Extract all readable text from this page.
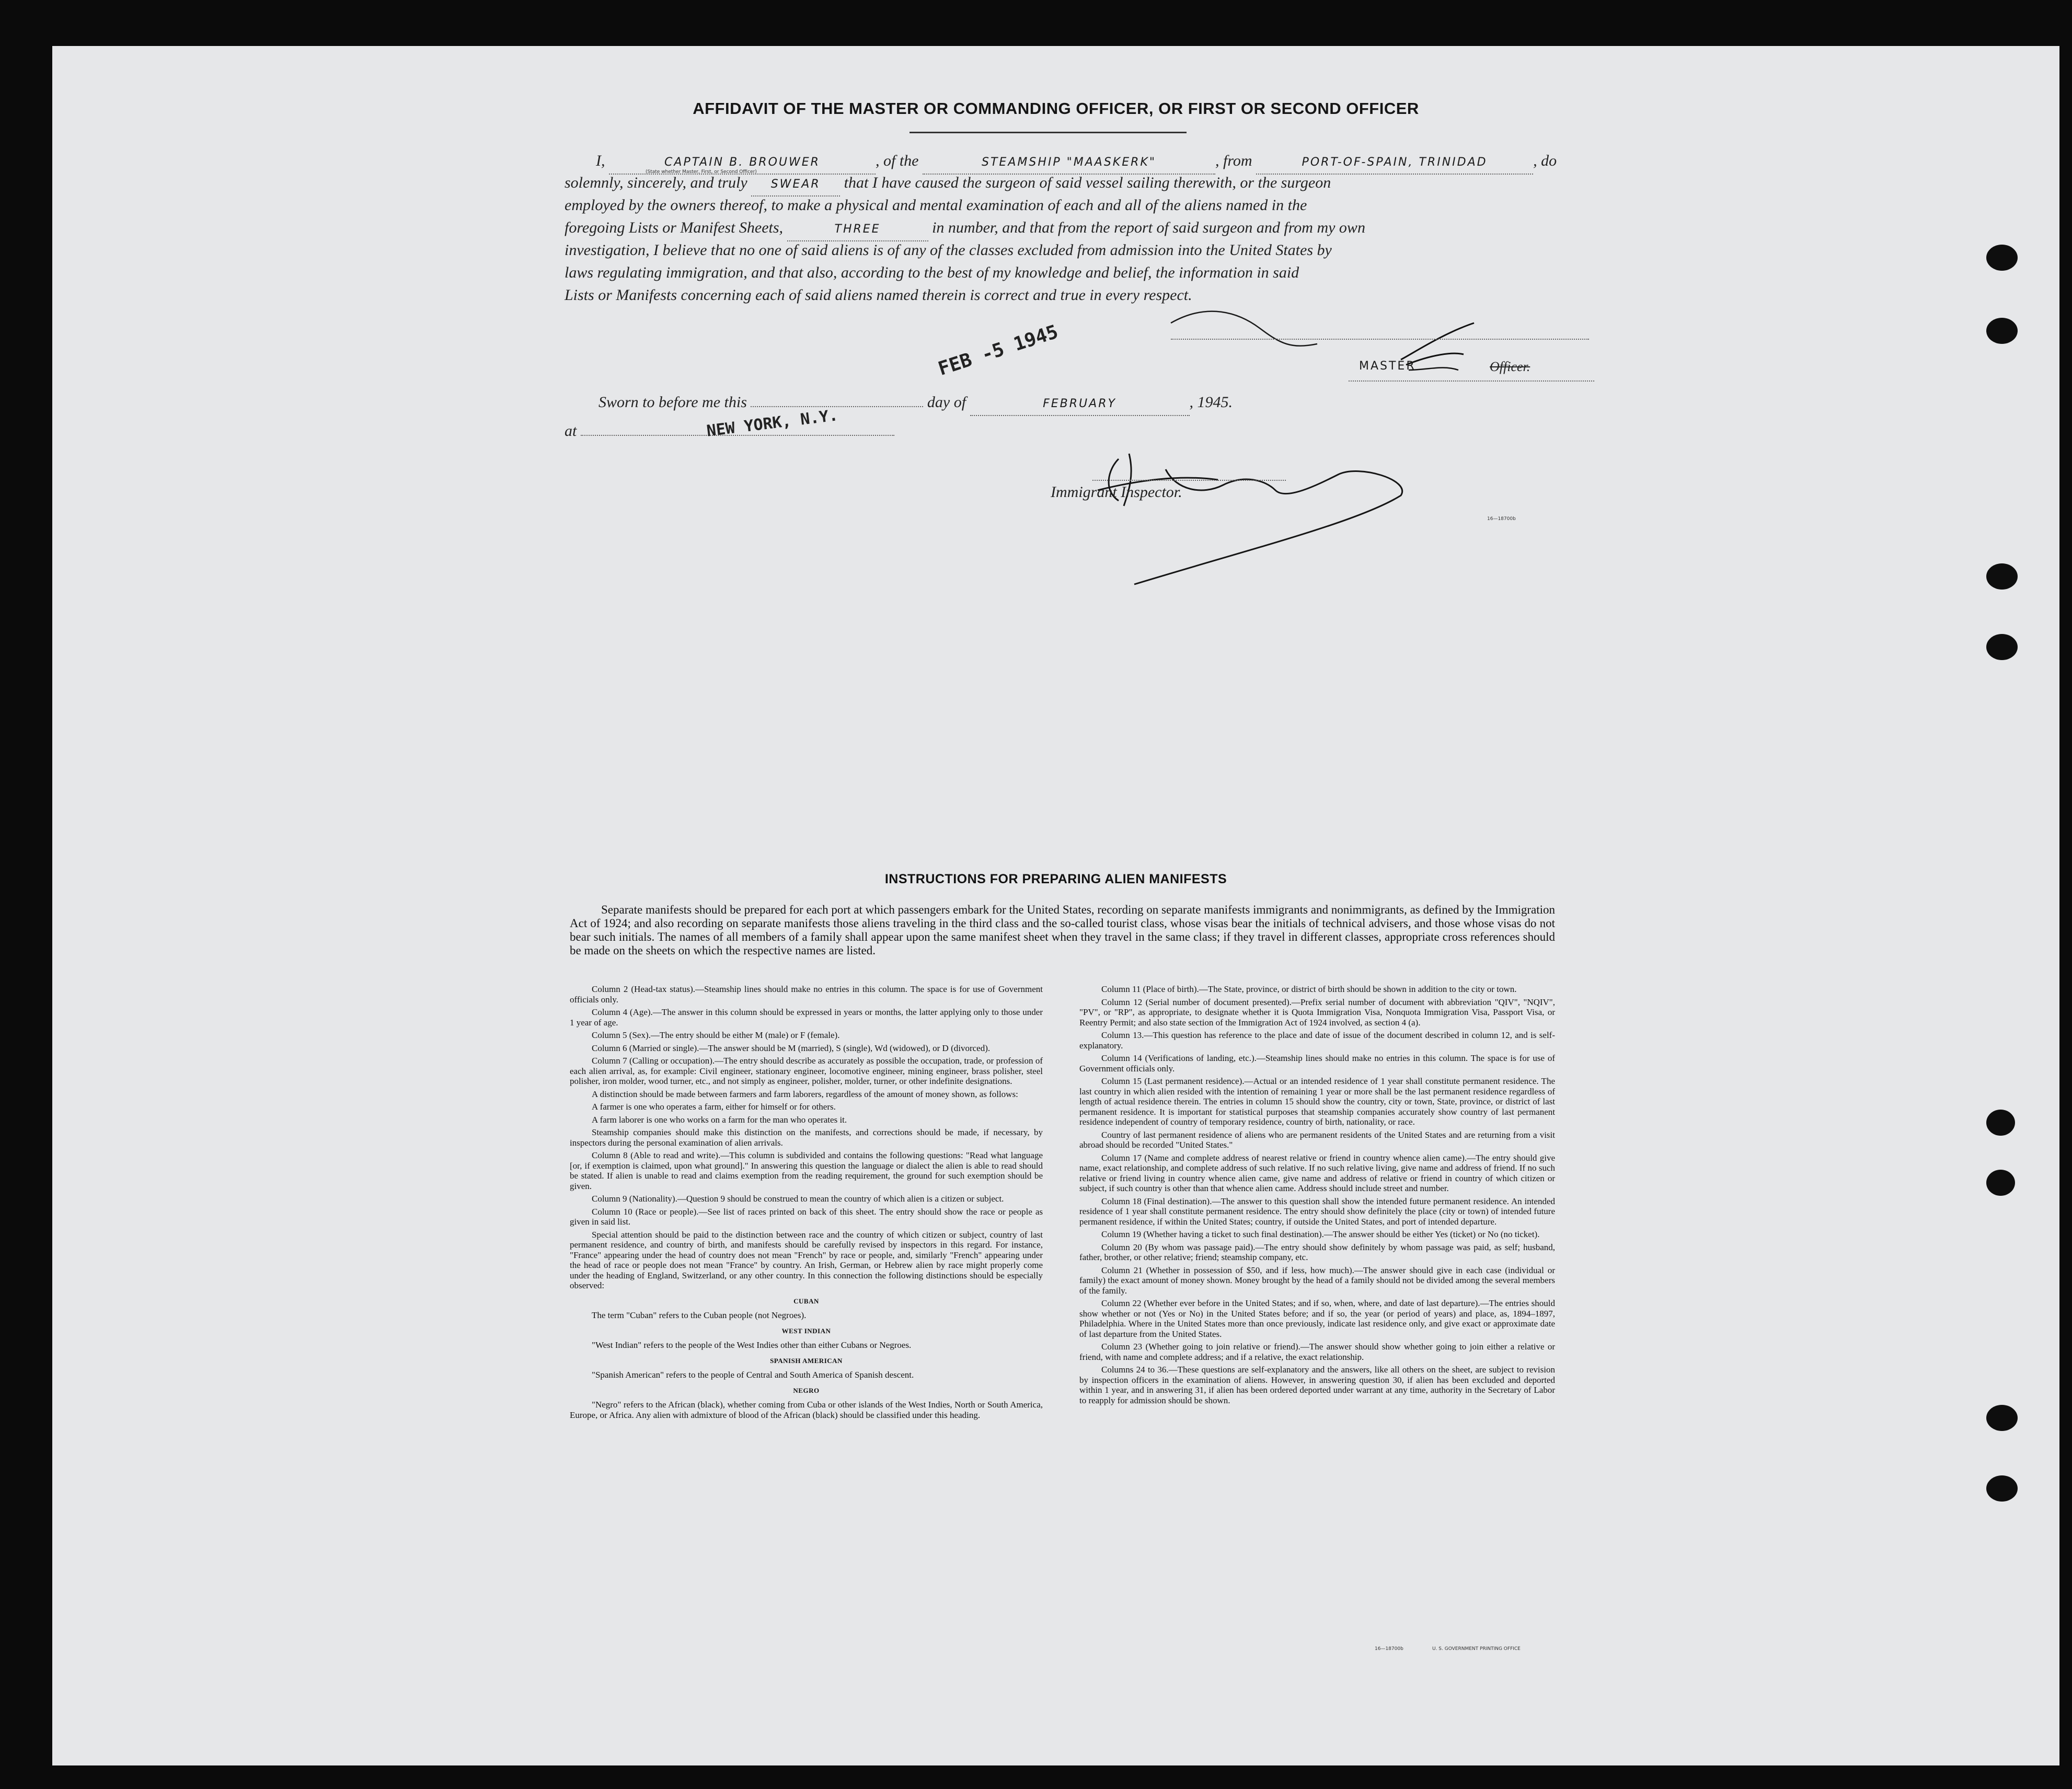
AFFIDAVIT OF THE MASTER OR COMMANDING OFFICER, OR FIRST OR SECOND OFFICER
I,	CAPTAIN B. BROUWER	, of the	STEAMSHIP "MAASKERK"	, from	PORT-OF-SPAIN, TRINIDAD	, do
(State whether Master, First, or Second Officer)
solemnly, sincerely, and truly SWEAR that I have caused the surgeon of said vessel sailing therewith, or the surgeon
employed by the owners thereof, to make a physical and mental examination of each and all of the aliens named in the
foregoing Lists or Manifest Sheets,	THREE	in number, and that from the report of said surgeon and from my own
investigation, I believe that no one of said aliens is of any of the classes excluded from admission into the United States by
laws regulating immigration, and that also, according to the best of my knowledge and belief, the information in said
Lists or Manifests concerning each of said aliens named therein is correct and true in every respect.
MASTER	Officer.
Sworn to before me this	day of	FEBRUARY	, 1945.
FEB -5 1945
at	NEW YORK, N.Y.
Immigrant Inspector.
16—18700b

INSTRUCTIONS FOR PREPARING ALIEN MANIFESTS
Separate manifests should be prepared for each port at which passengers embark for the United States, recording on separate manifests immigrants and nonimmigrants, as defined by the Immigration Act of 1924; and also recording on separate manifests those aliens traveling in the third class and the so-called tourist class, whose visas bear the initials of technical advisers, and those whose visas do not bear such initials. The names of all members of a family shall appear upon the same manifest sheet when they travel in the same class; if they travel in different classes, appropriate cross references should be made on the sheets on which the respective names are listed.

Column 2 (Head-tax status).—Steamship lines should make no entries in this column. The space is for use of Government officials only.

Column 4 (Age).—The answer in this column should be expressed in years or months, the latter applying only to those under 1 year of age.

Column 5 (Sex).—The entry should be either M (male) or F (female).

Column 6 (Married or single).—The answer should be M (married), S (single), Wd (widowed), or D (divorced).

Column 7 (Calling or occupation).—The entry should describe as accurately as possible the occupation, trade, or profession of each alien arrival, as, for example: Civil engineer, stationary engineer, locomotive engineer, mining engineer, brass polisher, steel polisher, iron molder, wood turner, etc., and not simply as engineer, polisher, molder, turner, or other indefinite designations.

A distinction should be made between farmers and farm laborers, regardless of the amount of money shown, as follows:

A farmer is one who operates a farm, either for himself or for others.

A farm laborer is one who works on a farm for the man who operates it.

Steamship companies should make this distinction on the manifests, and corrections should be made, if necessary, by inspectors during the personal examination of alien arrivals.

Column 8 (Able to read and write).—This column is subdivided and contains the following questions: "Read what language [or, if exemption is claimed, upon what ground]." In answering this question the language or dialect the alien is able to read should be stated. If alien is unable to read and claims exemption from the reading requirement, the ground for such exemption should be given.

Column 9 (Nationality).—Question 9 should be construed to mean the country of which alien is a citizen or subject.

Column 10 (Race or people).—See list of races printed on back of this sheet. The entry should show the race or people as given in said list.

Special attention should be paid to the distinction between race and the country of which citizen or subject, country of last permanent residence, and country of birth, and manifests should be carefully revised by inspectors in this regard. For instance, "France" appearing under the head of country does not mean "French" by race or people, and, similarly "French" appearing under the head of race or people does not mean "France" by country. An Irish, German, or Hebrew alien by race might properly come under the heading of England, Switzerland, or any other country. In this connection the following distinctions should be especially observed:

CUBAN

The term "Cuban" refers to the Cuban people (not Negroes).

WEST INDIAN

"West Indian" refers to the people of the West Indies other than either Cubans or Negroes.

SPANISH AMERICAN

"Spanish American" refers to the people of Central and South America of Spanish descent.

NEGRO

"Negro" refers to the African (black), whether coming from Cuba or other islands of the West Indies, North or South America, Europe, or Africa. Any alien with admixture of blood of the African (black) should be classified under this heading.

Column 11 (Place of birth).—The State, province, or district of birth should be shown in addition to the city or town.

Column 12 (Serial number of document presented).—Prefix serial number of document with abbreviation "QIV", "NQIV", "PV", or "RP", as appropriate, to designate whether it is Quota Immigration Visa, Nonquota Immigration Visa, Passport Visa, or Reentry Permit; and also state section of the Immigration Act of 1924 involved, as section 4 (a).

Column 13.—This question has reference to the place and date of issue of the document described in column 12, and is self-explanatory.

Column 14 (Verifications of landing, etc.).—Steamship lines should make no entries in this column. The space is for use of Government officials only.

Column 15 (Last permanent residence).—Actual or an intended residence of 1 year shall constitute permanent residence. The last country in which alien resided with the intention of remaining 1 year or more shall be the last permanent residence regardless of length of actual residence therein. The entries in column 15 should show the country, city or town, State, province, or district of last permanent residence. It is important for statistical purposes that steamship companies accurately show country of last permanent residence independent of country of temporary residence, country of birth, nationality, or race.

Country of last permanent residence of aliens who are permanent residents of the United States and are returning from a visit abroad should be recorded "United States."

Column 17 (Name and complete address of nearest relative or friend in country whence alien came).—The entry should give name, exact relationship, and complete address of such relative. If no such relative living, give name and address of friend. If no such relative or friend living in country whence alien came, give name and address of relative or friend in country of which citizen or subject, if such country is other than that whence alien came. Address should include street and number.

Column 18 (Final destination).—The answer to this question shall show the intended future permanent residence. An intended residence of 1 year shall constitute permanent residence. The entry should show definitely the place (city or town) of intended future permanent residence, if within the United States; country, if outside the United States, and port of intended departure.

Column 19 (Whether having a ticket to such final destination).—The answer should be either Yes (ticket) or No (no ticket).

Column 20 (By whom was passage paid).—The entry should show definitely by whom passage was paid, as self; husband, father, brother, or other relative; friend; steamship company, etc.

Column 21 (Whether in possession of $50, and if less, how much).—The answer should give in each case (individual or family) the exact amount of money shown. Money brought by the head of a family should not be divided among the several members of the family.

Column 22 (Whether ever before in the United States; and if so, when, where, and date of last departure).—The entries should show whether or not (Yes or No) in the United States before; and if so, the year (or period of years) and place, as, 1894–1897, Philadelphia. Where in the United States more than once previously, indicate last residence only, and give exact or approximate date of last departure from the United States.

Column 23 (Whether going to join relative or friend).—The answer should show whether going to join either a relative or friend, with name and complete address; and if a relative, the exact relationship.

Columns 24 to 36.—These questions are self-explanatory and the answers, like all others on the sheet, are subject to revision by inspection officers in the examination of aliens. However, in answering question 30, if alien has been excluded and deported within 1 year, and in answering 31, if alien has been ordered deported under warrant at any time, authority in the Secretary of Labor to reapply for admission should be shown.

16—18700b	U. S. GOVERNMENT PRINTING OFFICE
